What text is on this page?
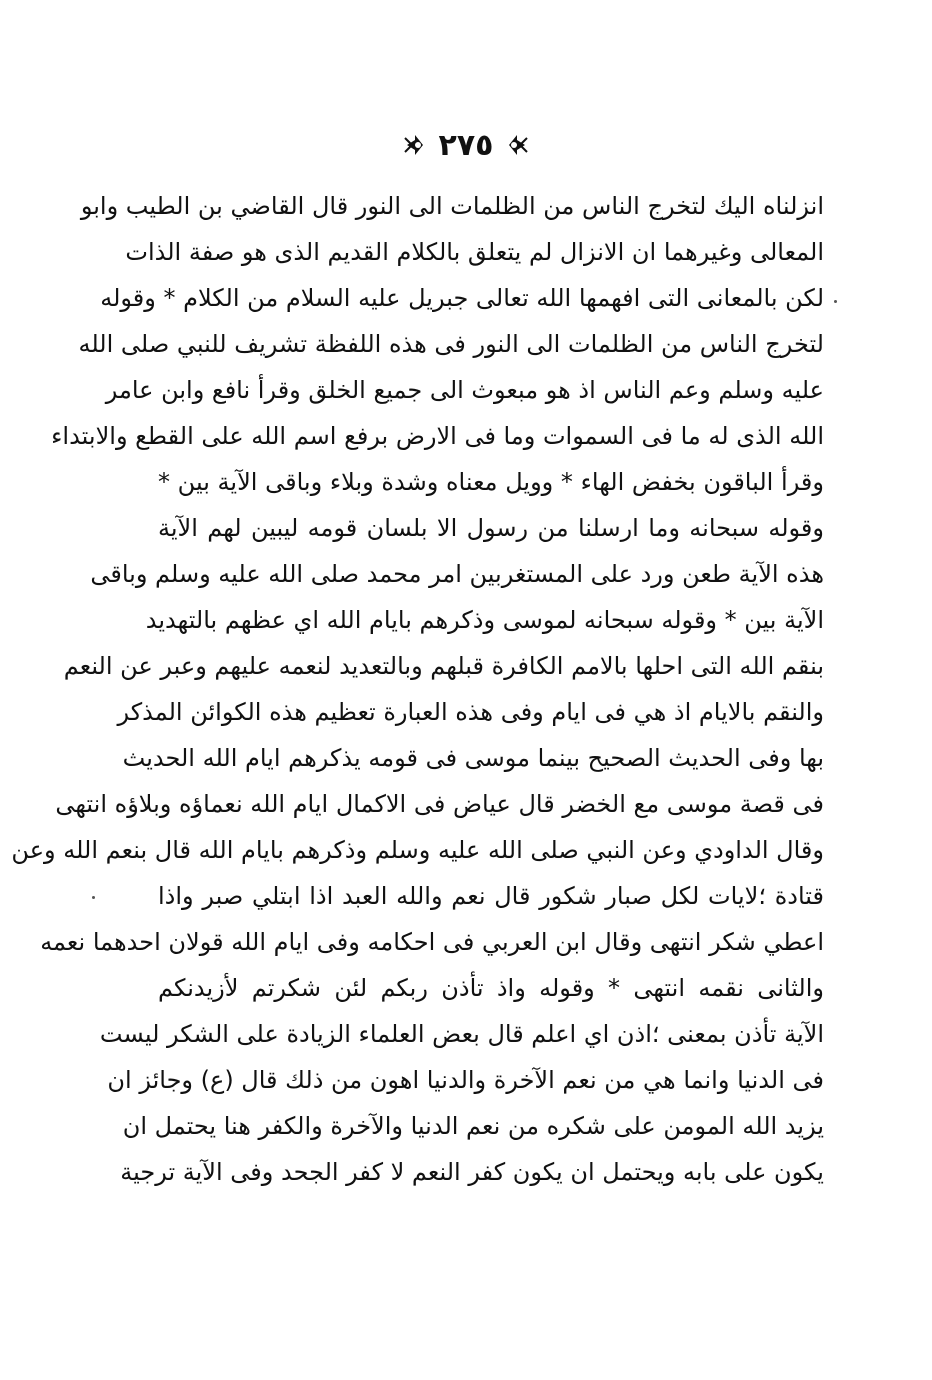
٢٧٥
انزلناه اليك لتخرج الناس من الظلمات الى النور قال القاضي بن الطيب وابو
المعالى وغيرهما ان الانزال لم يتعلق بالكلام القديم الذى هو صفة الذات
لكن بالمعانى التى افهمها الله تعالى جبريل عليه السلام من الكلام * وقوله
لتخرج الناس من الظلمات الى النور فى هذه اللفظة تشريف للنبي صلى الله
عليه وسلم وعم الناس اذ هو مبعوث الى جميع الخلق وقرأ نافع وابن عامر
الله الذى له ما فى السموات وما فى الارض برفع اسم الله على القطع والابتداء
وقرأ الباقون بخفض الهاء * وويل معناه وشدة وبلاء وباقى الآية بين *
وقوله سبحانه وما ارسلنا من رسول الا بلسان قومه ليبين لهم الآية
هذه الآية طعن ورد على المستغربين امر محمد صلى الله عليه وسلم وباقى
الآية بين * وقوله سبحانه لموسى وذكرهم بايام الله اي عظهم بالتهديد
بنقم الله التى احلها بالامم الكافرة قبلهم وبالتعديد لنعمه عليهم وعبر عن النعم
والنقم بالايام اذ هي فى ايام وفى هذه العبارة تعظيم هذه الكوائن المذكر
بها وفى الحديث الصحيح بينما موسى فى قومه يذكرهم ايام الله الحديث
فى قصة موسى مع الخضر قال عياض فى الاكمال ايام الله نعماؤه وبلاؤه انتهى
وقال الداودي وعن النبي صلى الله عليه وسلم وذكرهم بايام الله قال بنعم الله وعن
قتادة ؛لايات لكل صبار شكور قال نعم والله العبد اذا ابتلي صبر واذا
اعطي شكر انتهى وقال ابن العربي فى احكامه وفى ايام الله قولان احدهما نعمه
والثانى نقمه انتهى * وقوله واذ تأذن ربكم لئن شكرتم لأزيدنكم
الآية تأذن بمعنى ؛اذن اي اعلم قال بعض العلماء الزيادة على الشكر ليست
فى الدنيا وانما هي من نعم الآخرة والدنيا اهون من ذلك قال (ع) وجائز ان
يزيد الله المومن على شكره من نعم الدنيا والآخرة والكفر هنا يحتمل ان
يكون على بابه ويحتمل ان يكون كفر النعم لا كفر الجحد وفى الآية ترجية
